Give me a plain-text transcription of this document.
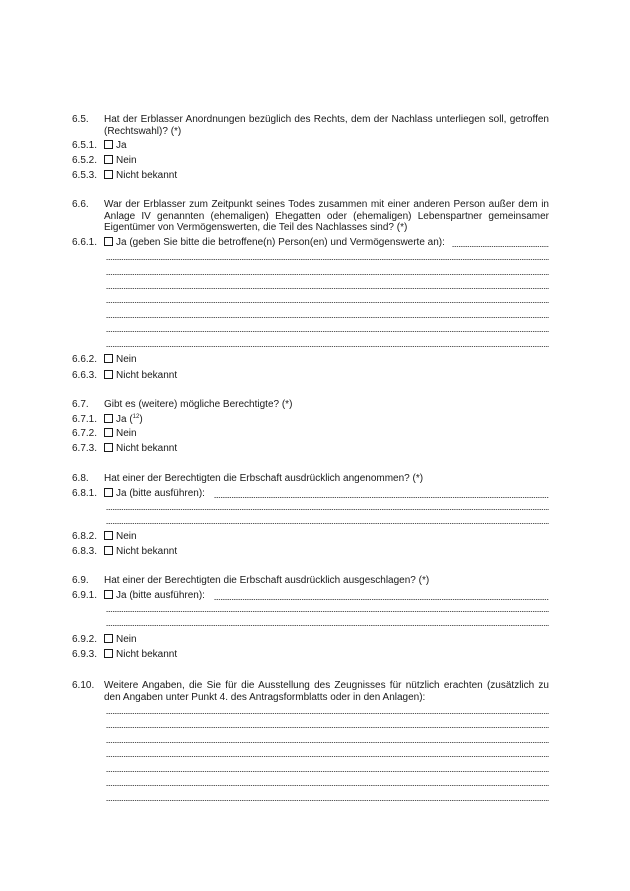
6.5. Hat der Erblasser Anordnungen bezüglich des Rechts, dem der Nachlass unterliegen soll, getroffen (Rechtswahl)? (*)
6.5.1.	Ja
6.5.2.	Nein
6.5.3.	Nicht bekannt
6.6. War der Erblasser zum Zeitpunkt seines Todes zusammen mit einer anderen Person außer dem in Anlage IV genannten (ehemaligen) Ehegatten oder (ehemaligen) Lebenspartner gemeinsamer Eigentümer von Vermögenswerten, die Teil des Nachlasses sind? (*)
6.6.1.	Ja (geben Sie bitte die betroffene(n) Person(en) und Vermögenswerte an):
6.6.2.	Nein
6.6.3.	Nicht bekannt
6.7. Gibt es (weitere) mögliche Berechtigte? (*)
6.7.1.	Ja ($^{12}$)
6.7.2.	Nein
6.7.3.	Nicht bekannt
6.8. Hat einer der Berechtigten die Erbschaft ausdrücklich angenommen? (*)
6.8.1.	Ja (bitte ausführen):
6.8.2.	Nein
6.8.3.	Nicht bekannt
6.9. Hat einer der Berechtigten die Erbschaft ausdrücklich ausgeschlagen? (*)
6.9.1.	Ja (bitte ausführen):
6.9.2.	Nein
6.9.3.	Nicht bekannt
6.10. Weitere Angaben, die Sie für die Ausstellung des Zeugnisses für nützlich erachten (zusätzlich zu den Angaben unter Punkt 4. des Antragsformblatts oder in den Anlagen):
